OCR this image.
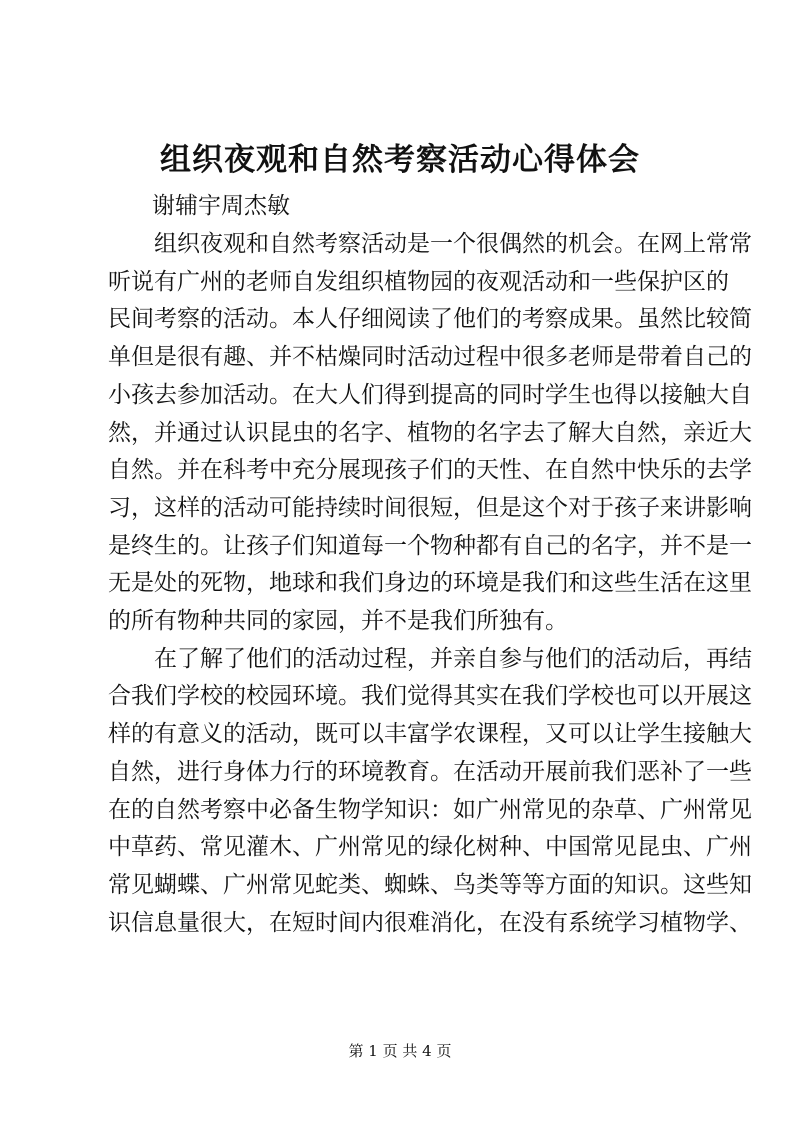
组织夜观和自然考察活动心得体会
谢辅宇周杰敏

组织夜观和自然考察活动是一个很偶然的机会。在网上常常
听说有广州的老师自发组织植物园的夜观活动和一些保护区的
民间考察的活动。本人仔细阅读了他们的考察成果。虽然比较简
单但是很有趣、并不枯燥同时活动过程中很多老师是带着自己的
小孩去参加活动。在大人们得到提高的同时学生也得以接触大自
然，并通过认识昆虫的名字、植物的名字去了解大自然，亲近大
自然。并在科考中充分展现孩子们的天性、在自然中快乐的去学
习，这样的活动可能持续时间很短，但是这个对于孩子来讲影响
是终生的。让孩子们知道每一个物种都有自己的名字，并不是一
无是处的死物，地球和我们身边的环境是我们和这些生活在这里
的所有物种共同的家园，并不是我们所独有。

在了解了他们的活动过程，并亲自参与他们的活动后，再结
合我们学校的校园环境。我们觉得其实在我们学校也可以开展这
样的有意义的活动，既可以丰富学农课程，又可以让学生接触大
自然，进行身体力行的环境教育。在活动开展前我们恶补了一些
在的自然考察中必备生物学知识：如广州常见的杂草、广州常见
中草药、常见灌木、广州常见的绿化树种、中国常见昆虫、广州
常见蝴蝶、广州常见蛇类、蜘蛛、鸟类等等方面的知识。这些知
识信息量很大，在短时间内很难消化，在没有系统学习植物学、

第 1 页 共 4 页
